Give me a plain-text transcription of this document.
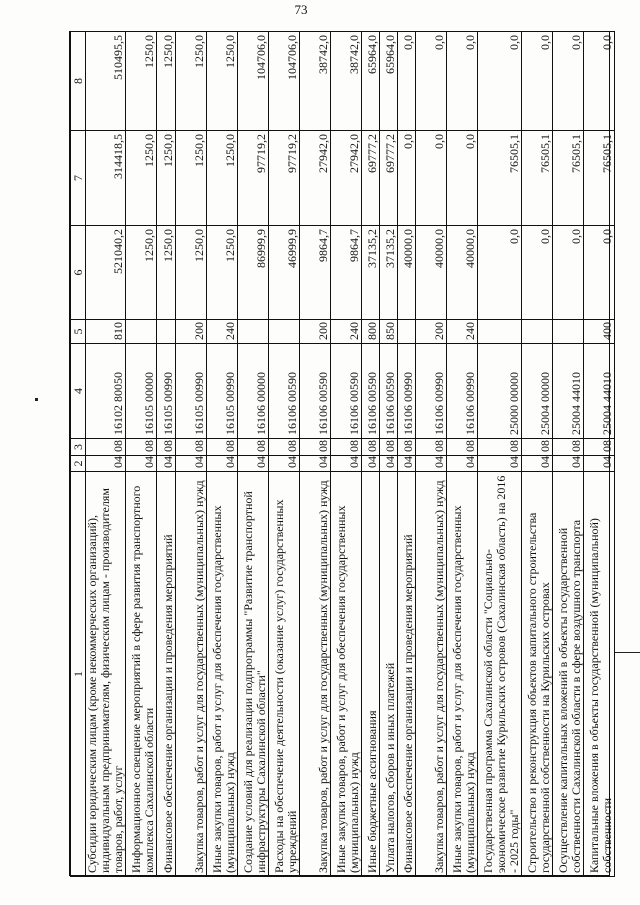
73
1	2	3	4	5	6	7	8
Субсидии юридическим лицам (кроме некоммерческих организаций), индивидуальным предпринимателям, физическим лицам - производителям товаров, работ, услуг	04	08	16102 80050	810	521040,2	314418,5	510495,5
Информационное освещение мероприятий в сфере развития транспортного комплекса Сахалинской области	04	08	16105 00000		1250,0	1250,0	1250,0
Финансовое обеспечение организации и проведения мероприятий	04	08	16105 00990		1250,0	1250,0	1250,0
Закупка товаров, работ и услуг для государственных (муниципальных) нужд	04	08	16105 00990	200	1250,0	1250,0	1250,0
Иные закупки товаров, работ и услуг для обеспечения государственных (муниципальных) нужд	04	08	16105 00990	240	1250,0	1250,0	1250,0
Создание условий для реализации подпрограммы "Развитие транспортной инфраструктуры Сахалинской области"	04	08	16106 00000		86999,9	97719,2	104706,0
Расходы на обеспечение деятельности (оказание услуг) государственных учреждений	04	08	16106 00590		46999,9	97719,2	104706,0
Закупка товаров, работ и услуг для государственных (муниципальных) нужд	04	08	16106 00590	200	9864,7	27942,0	38742,0
Иные закупки товаров, работ и услуг для обеспечения государственных (муниципальных) нужд	04	08	16106 00590	240	9864,7	27942,0	38742,0
Иные бюджетные ассигнования	04	08	16106 00590	800	37135,2	69777,2	65964,0
Уплата налогов, сборов и иных платежей	04	08	16106 00590	850	37135,2	69777,2	65964,0
Финансовое обеспечение организации и проведения мероприятий	04	08	16106 00990		40000,0	0,0	0,0
Закупка товаров, работ и услуг для государственных (муниципальных) нужд	04	08	16106 00990	200	40000,0	0,0	0,0
Иные закупки товаров, работ и услуг для обеспечения государственных (муниципальных) нужд	04	08	16106 00990	240	40000,0	0,0	0,0
Государственная программа Сахалинской области "Социально-экономическое развитие Курильских островов (Сахалинская область) на 2016 - 2025 годы"	04	08	25000 00000		0,0	76505,1	0,0
Строительство и реконструкция объектов капитального строительства государственной собственности на Курильских островах	04	08	25004 00000		0,0	76505,1	0,0
Осуществление капитальных вложений в объекты государственной собственности Сахалинской области в сфере воздушного транспорта	04	08	25004 44010		0,0	76505,1	0,0
Капитальные вложения в объекты государственной (муниципальной) собственности	04	08	25004 44010	400	0,0	76505,1	0,0
